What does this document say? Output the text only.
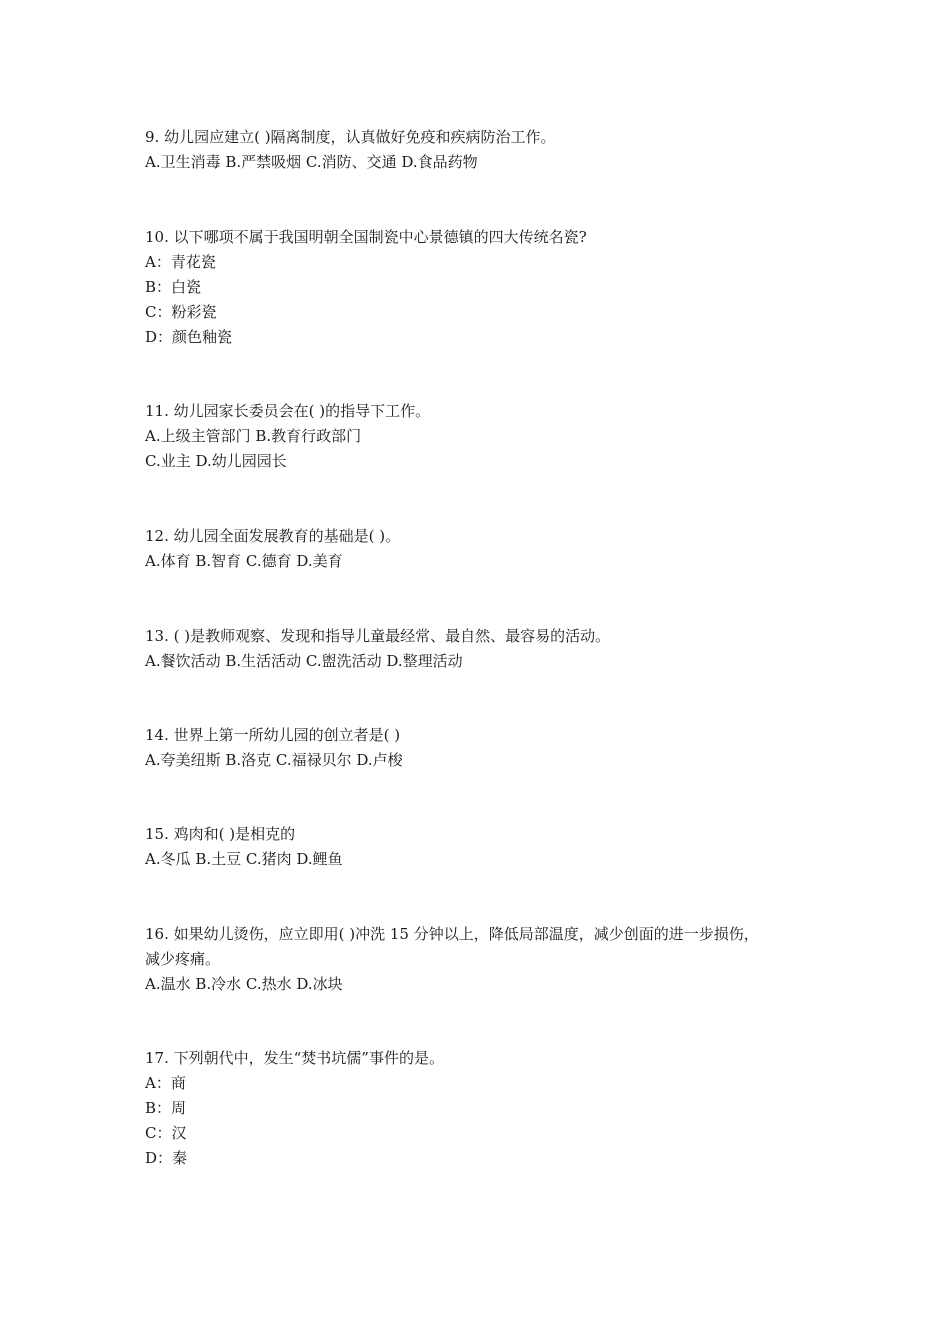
9. 幼儿园应建立( )隔离制度，认真做好免疫和疾病防治工作。
A.卫生消毒 B.严禁吸烟 C.消防、交通 D.食品药物
10. 以下哪项不属于我国明朝全国制瓷中心景德镇的四大传统名瓷?
A：青花瓷
B：白瓷
C：粉彩瓷
D：颜色釉瓷
11. 幼儿园家长委员会在( )的指导下工作。
A.上级主管部门 B.教育行政部门
C.业主 D.幼儿园园长
12. 幼儿园全面发展教育的基础是( )。
A.体育 B.智育 C.德育 D.美育
13. ( )是教师观察、发现和指导儿童最经常、最自然、最容易的活动。
A.餐饮活动 B.生活活动 C.盥洗活动 D.整理活动
14. 世界上第一所幼儿园的创立者是( )
A.夸美纽斯 B.洛克 C.福禄贝尔 D.卢梭
15. 鸡肉和( )是相克的
A.冬瓜 B.土豆 C.猪肉 D.鲤鱼
16. 如果幼儿烫伤，应立即用( )冲洗 15 分钟以上，降低局部温度，减少创面的进一步损伤，
减少疼痛。
A.温水 B.冷水 C.热水 D.冰块
17. 下列朝代中，发生“焚书坑儒”事件的是。
A：商
B：周
C：汉
D：秦
